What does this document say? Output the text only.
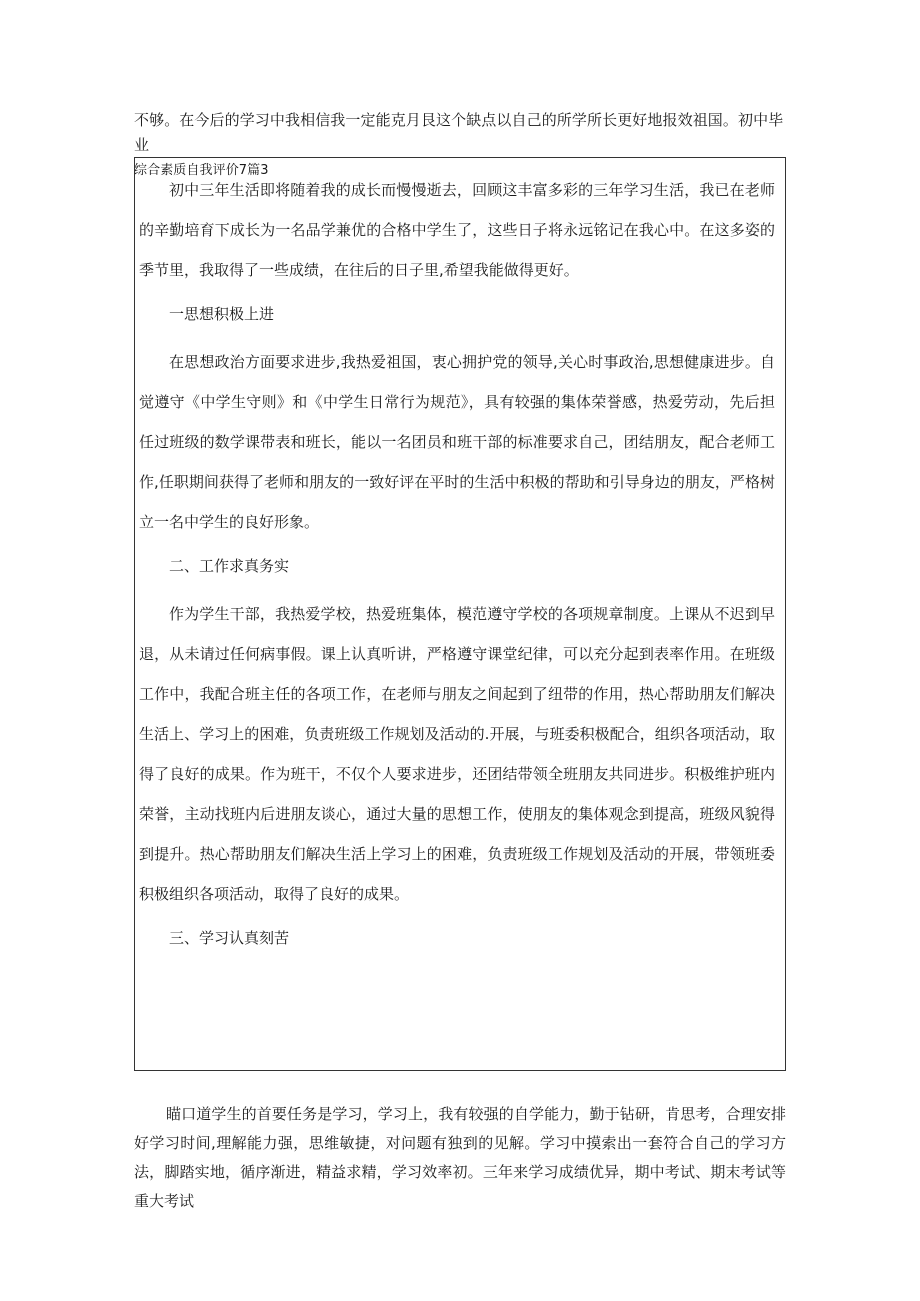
不够。在今后的学习中我相信我一定能克月艮这个缺点以自己的所学所长更好地报效祖国。初中毕业

综合素质自我评价7篇3

初中三年生活即将随着我的成长而慢慢逝去，回顾这丰富多彩的三年学习生活，我已在老师的辛勤培育下成长为一名品学兼优的合格中学生了，这些日子将永远铭记在我心中。在这多姿的季节里，我取得了一些成绩，在往后的日子里,希望我能做得更好。

一思想积极上进

在思想政治方面要求进步,我热爱祖国，衷心拥护党的领导,关心时事政治,思想健康进步。自觉遵守《中学生守则》和《中学生日常行为规范》，具有较强的集体荣誉感，热爱劳动，先后担任过班级的数学课带表和班长，能以一名团员和班干部的标准要求自己，团结朋友，配合老师工作,任职期间获得了老师和朋友的一致好评在平时的生活中积极的帮助和引导身边的朋友，严格树立一名中学生的良好形象。

二、工作求真务实

作为学生干部，我热爱学校，热爱班集体，模范遵守学校的各项规章制度。上课从不迟到早退，从未请过任何病事假。课上认真听讲，严格遵守课堂纪律，可以充分起到表率作用。在班级工作中，我配合班主任的各项工作，在老师与朋友之间起到了纽带的作用，热心帮助朋友们解决生活上、学习上的困难，负责班级工作规划及活动的.开展，与班委积极配合，组织各项活动，取得了良好的成果。作为班干，不仅个人要求进步，还团结带领全班朋友共同进步。积极维护班内荣誉，主动找班内后进朋友谈心，通过大量的思想工作，使朋友的集体观念到提高，班级风貌得到提升。热心帮助朋友们解决生活上学习上的困难，负责班级工作规划及活动的开展，带领班委积极组织各项活动，取得了良好的成果。

三、学习认真刻苦

瞄口道学生的首要任务是学习，学习上，我有较强的自学能力，勤于钻研，肯思考，合理安排好学习时间,理解能力强，思维敏捷，对问题有独到的见解。学习中摸索出一套符合自己的学习方法，脚踏实地，循序渐进，精益求精，学习效率初。三年来学习成绩优异，期中考试、期末考试等重大考试
